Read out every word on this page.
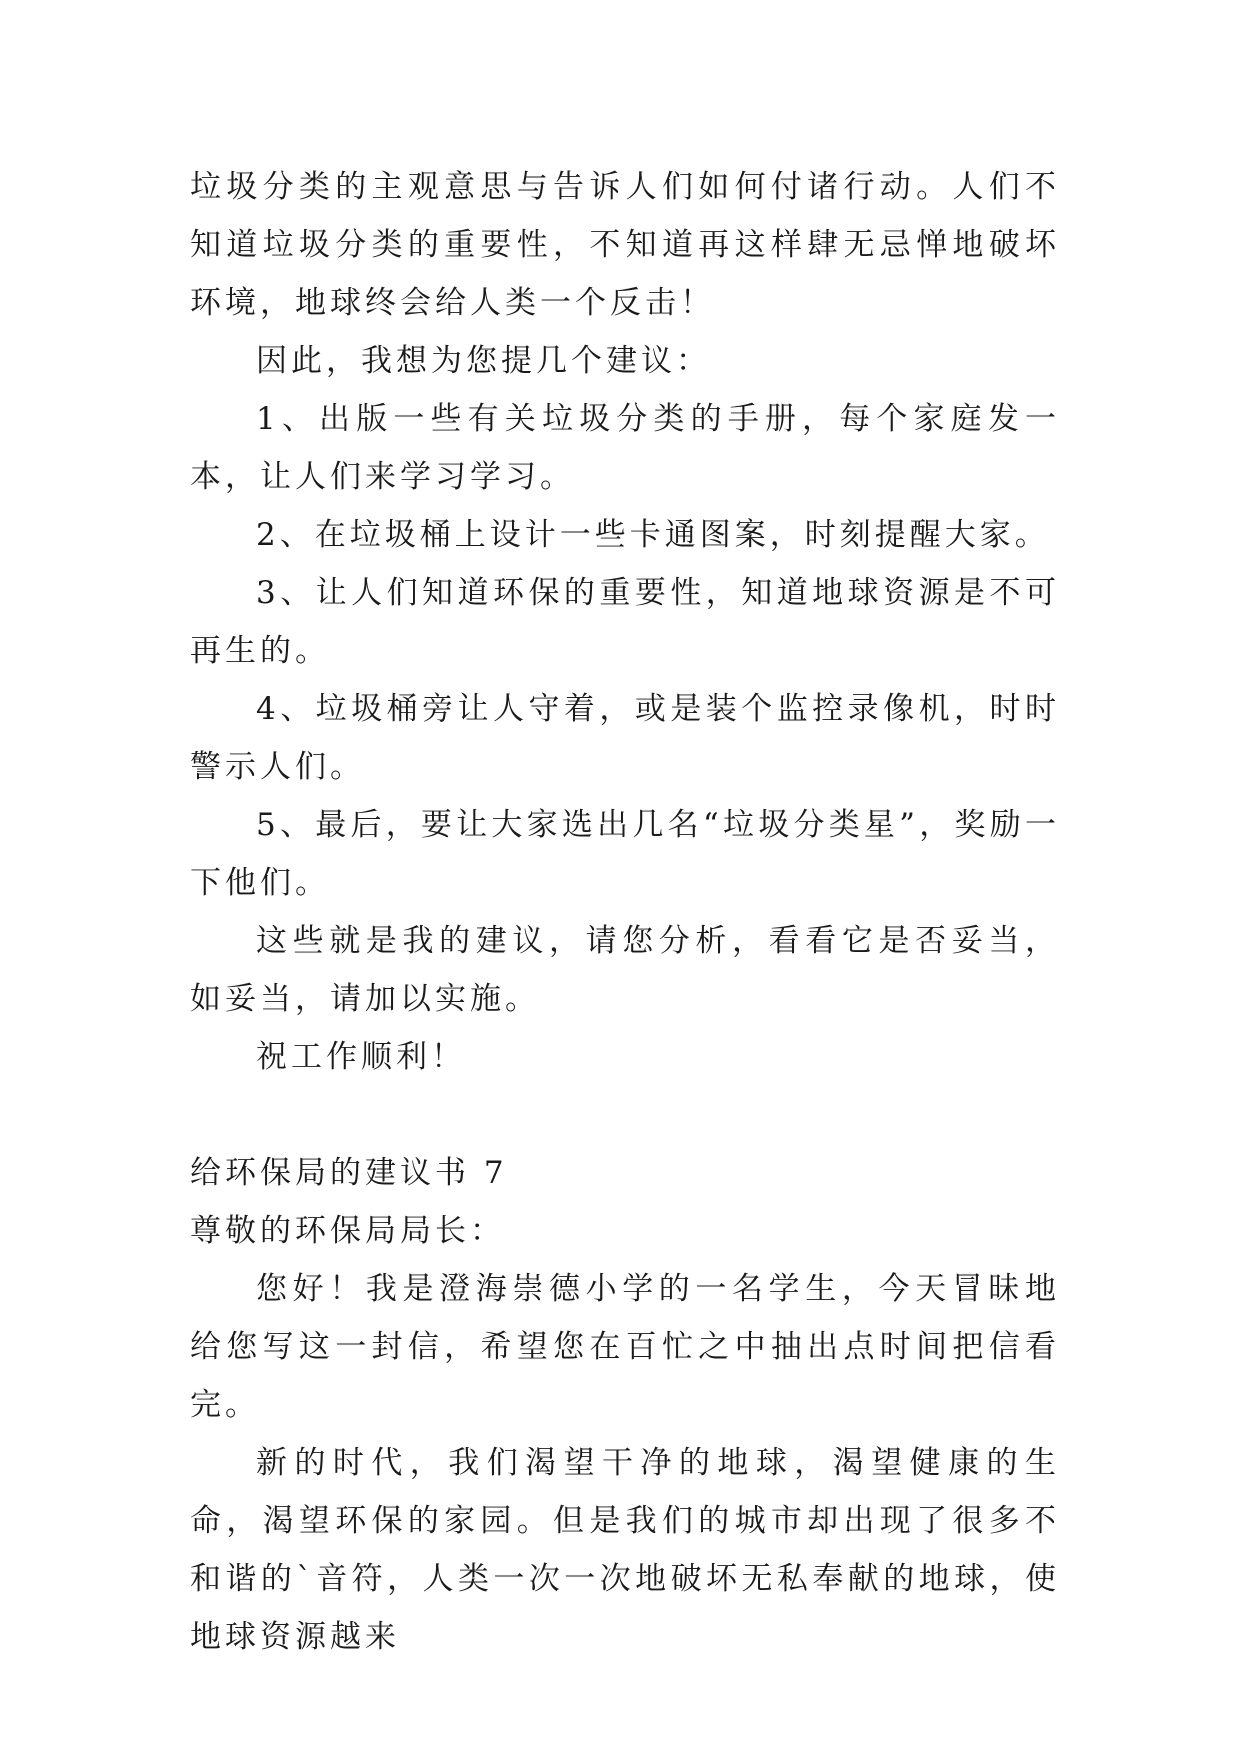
垃圾分类的主观意思与告诉人们如何付诸行动。人们不知道垃圾分类的重要性，不知道再这样肆无忌惮地破坏环境，地球终会给人类一个反击！

因此，我想为您提几个建议：

1、出版一些有关垃圾分类的手册，每个家庭发一本，让人们来学习学习。

2、在垃圾桶上设计一些卡通图案，时刻提醒大家。

3、让人们知道环保的重要性，知道地球资源是不可再生的。

4、垃圾桶旁让人守着，或是装个监控录像机，时时警示人们。

5、最后，要让大家选出几名“垃圾分类星”，奖励一下他们。

这些就是我的建议，请您分析，看看它是否妥当，如妥当，请加以实施。

祝工作顺利！

给环保局的建议书 7

尊敬的环保局局长：

您好！我是澄海崇德小学的一名学生，今天冒昧地给您写这一封信，希望您在百忙之中抽出点时间把信看完。

新的时代，我们渴望干净的地球，渴望健康的生命，渴望环保的家园。但是我们的城市却出现了很多不和谐的`音符，人类一次一次地破坏无私奉献的地球，使地球资源越来
